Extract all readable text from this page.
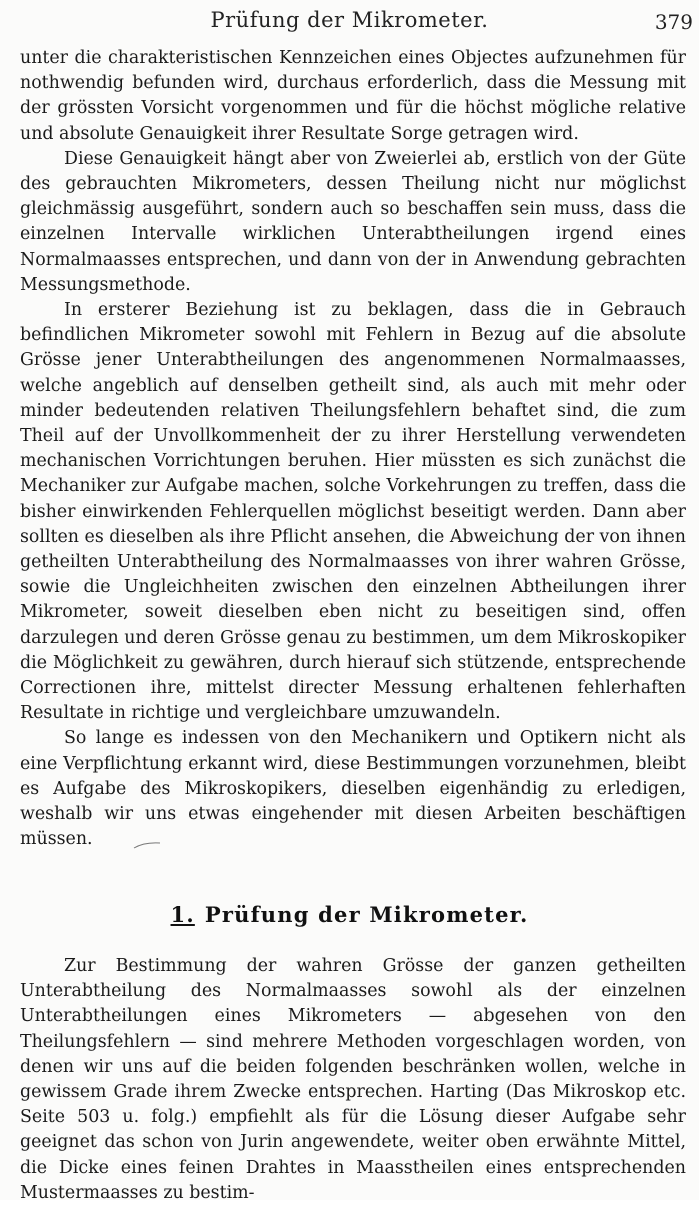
Prüfung der Mikrometer.	379

unter die charakteristischen Kennzeichen eines Objectes aufzunehmen für nothwendig befunden wird, durchaus erforderlich, dass die Messung mit der grössten Vorsicht vorgenommen und für die höchst mögliche relative und absolute Genauigkeit ihrer Resultate Sorge getragen wird.

Diese Genauigkeit hängt aber von Zweierlei ab, erstlich von der Güte des gebrauchten Mikrometers, dessen Theilung nicht nur möglichst gleichmässig ausgeführt, sondern auch so beschaffen sein muss, dass die einzelnen Intervalle wirklichen Unterabtheilungen irgend eines Normalmaasses entsprechen, und dann von der in Anwendung gebrachten Messungsmethode.

In ersterer Beziehung ist zu beklagen, dass die in Gebrauch befindlichen Mikrometer sowohl mit Fehlern in Bezug auf die absolute Grösse jener Unterabtheilungen des angenommenen Normalmaasses, welche angeblich auf denselben getheilt sind, als auch mit mehr oder minder bedeutenden relativen Theilungsfehlern behaftet sind, die zum Theil auf der Unvollkommenheit der zu ihrer Herstellung verwendeten mechanischen Vorrichtungen beruhen. Hier müssten es sich zunächst die Mechaniker zur Aufgabe machen, solche Vorkehrungen zu treffen, dass die bisher einwirkenden Fehlerquellen möglichst beseitigt werden. Dann aber sollten es dieselben als ihre Pflicht ansehen, die Abweichung der von ihnen getheilten Unterabtheilung des Normalmaasses von ihrer wahren Grösse, sowie die Ungleichheiten zwischen den einzelnen Abtheilungen ihrer Mikrometer, soweit dieselben eben nicht zu beseitigen sind, offen darzulegen und deren Grösse genau zu bestimmen, um dem Mikroskopiker die Möglichkeit zu gewähren, durch hierauf sich stützende, entsprechende Correctionen ihre, mittelst directer Messung erhaltenen fehlerhaften Resultate in richtige und vergleichbare umzuwandeln.

So lange es indessen von den Mechanikern und Optikern nicht als eine Verpflichtung erkannt wird, diese Bestimmungen vorzunehmen, bleibt es Aufgabe des Mikroskopikers, dieselben eigenhändig zu erledigen, weshalb wir uns etwas eingehender mit diesen Arbeiten beschäftigen müssen.

1. Prüfung der Mikrometer.

Zur Bestimmung der wahren Grösse der ganzen getheilten Unterabtheilung des Normalmaasses sowohl als der einzelnen Unterabtheilungen eines Mikrometers — abgesehen von den Theilungsfehlern — sind mehrere Methoden vorgeschlagen worden, von denen wir uns auf die beiden folgenden beschränken wollen, welche in gewissem Grade ihrem Zwecke entsprechen. Harting (Das Mikroskop etc. Seite 503 u. folg.) empfiehlt als für die Lösung dieser Aufgabe sehr geeignet das schon von Jurin angewendete, weiter oben erwähnte Mittel, die Dicke eines feinen Drahtes in Maasstheilen eines entsprechenden Mustermaasses zu bestim-
